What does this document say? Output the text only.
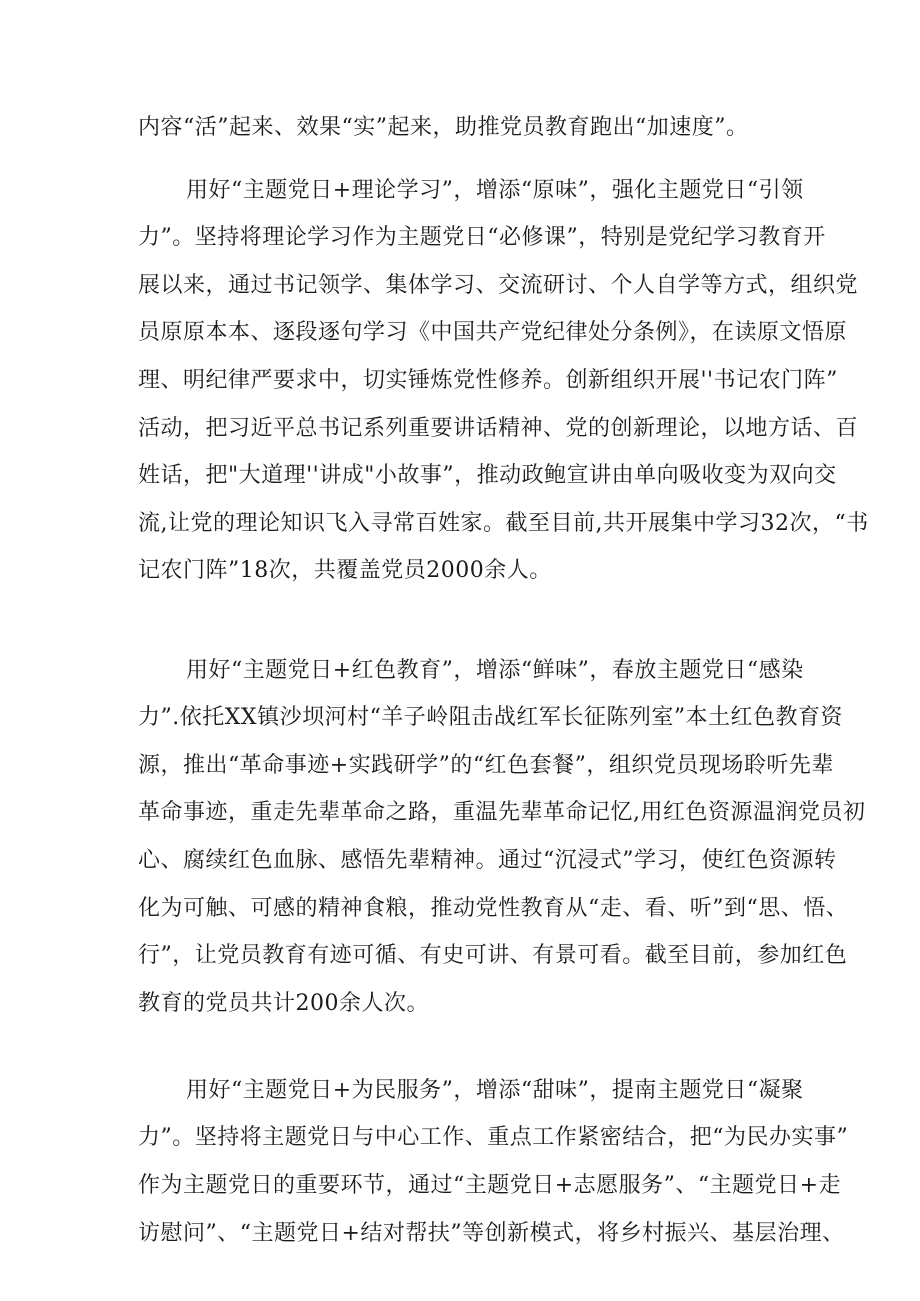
内容“活”起来、效果“实”起来，助推党员教育跑出“加速度”。
用好“主题党日+理论学习”，增添“原味”，强化主题党日“引领
力”。坚持将理论学习作为主题党日“必修课”，特别是党纪学习教育开
展以来，通过书记领学、集体学习、交流研讨、个人自学等方式，组织党
员原原本本、逐段逐句学习《中国共产党纪律处分条例》，在读原文悟原
理、明纪律严要求中，切实锤炼党性修养。创新组织开展''书记农门阵”
活动，把习近平总书记系列重要讲话精神、党的创新理论，以地方话、百
姓话，把"大道理''讲成"小故事”，推动政鲍宣讲由单向吸收变为双向交
流,让党的理论知识飞入寻常百姓家。截至目前,共开展集中学习32次，“书
记农门阵”18次，共覆盖党员2000余人。
用好“主题党日+红色教育”，增添“鲜味”，春放主题党日“感染
力”.依托XX镇沙坝河村“羊子岭阻击战红军长征陈列室”本土红色教育资
源，推出“革命事迹+实践研学”的“红色套餐”，组织党员现场聆听先辈
革命事迹，重走先辈革命之路，重温先辈革命记忆,用红色资源温润党员初
心、腐续红色血脉、感悟先辈精神。通过“沉浸式”学习，使红色资源转
化为可触、可感的精神食粮，推动党性教育从“走、看、听”到“思、悟、
行”，让党员教育有迹可循、有史可讲、有景可看。截至目前，参加红色
教育的党员共计200余人次。
用好“主题党日+为民服务”，增添“甜味”，提南主题党日“凝聚
力”。坚持将主题党日与中心工作、重点工作紧密结合，把“为民办实事”
作为主题党日的重要环节，通过“主题党日+志愿服务”、“主题党日+走
访慰问”、“主题党日+结对帮扶”等创新模式，将乡村振兴、基层治理、
